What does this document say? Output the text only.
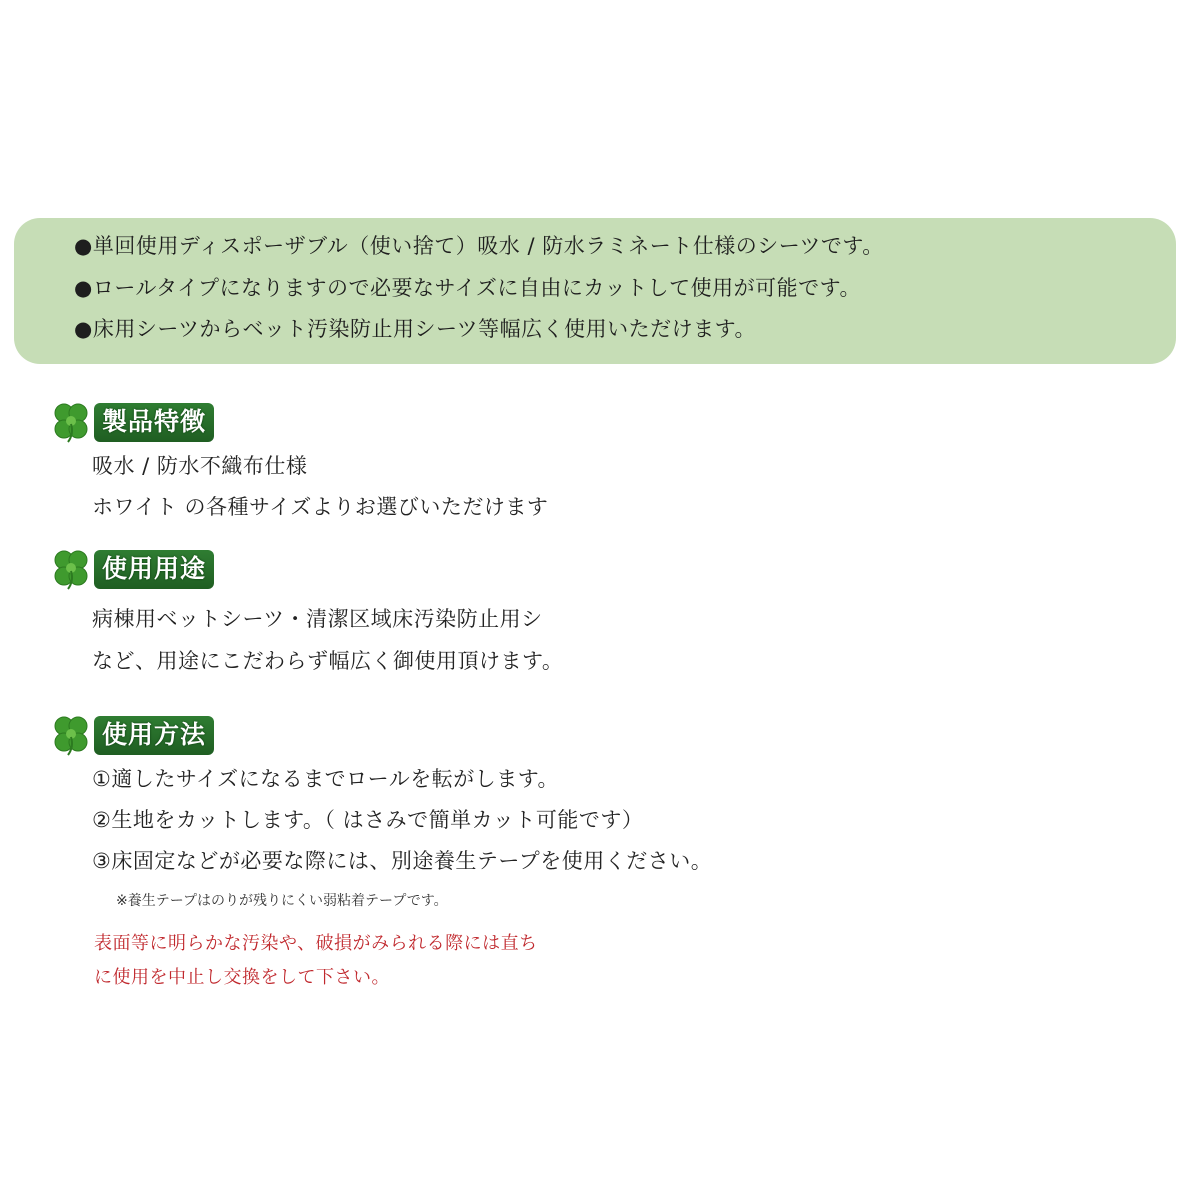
●単回使用ディスポーザブル（使い捨て）吸水 / 防水ラミネート仕様のシーツです。
●ロールタイプになりますので必要なサイズに自由にカットして使用が可能です。
●床用シーツからベット汚染防止用シーツ等幅広く使用いただけます。
製品特徴
吸水 / 防水不織布仕様
ホワイト の各種サイズよりお選びいただけます
使用用途
病棟用ベットシーツ・清潔区域床汚染防止用シ
など、用途にこだわらず幅広く御使用頂けます。
使用方法
①適したサイズになるまでロールを転がします。
②生地をカットします。（ はさみで簡単カット可能です）
③床固定などが必要な際には、別途養生テープを使用ください。
※養生テープはのりが残りにくい弱粘着テープです。
表面等に明らかな汚染や、破損がみられる際には直ち
に使用を中止し交換をして下さい。
